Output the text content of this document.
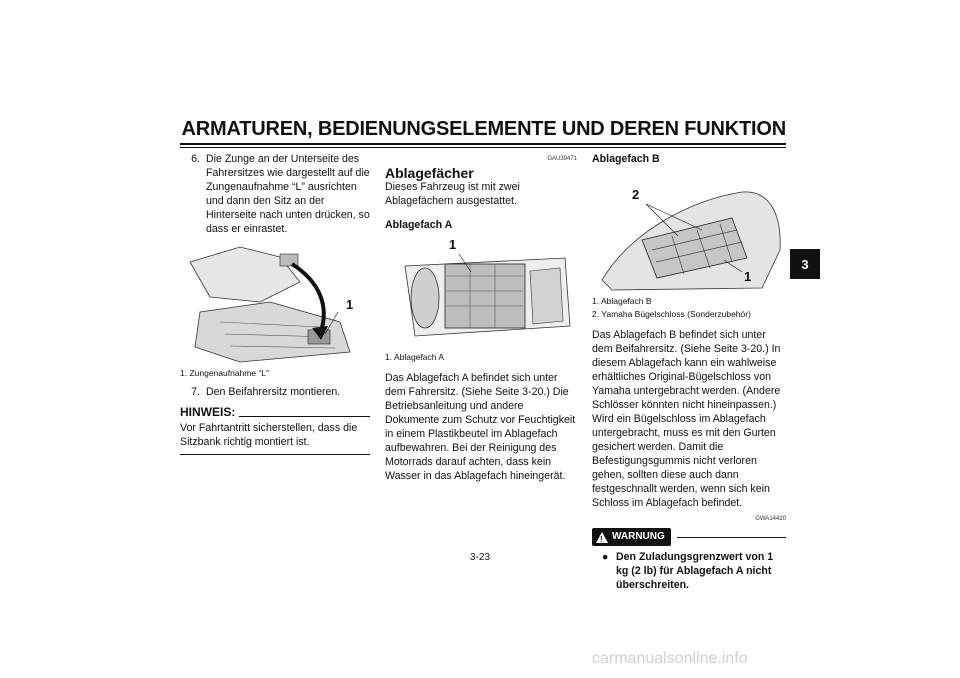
ARMATUREN, BEDIENUNGSELEMENTE UND DEREN FUNKTION
3
6. Die Zunge an der Unterseite des Fahrersitzes wie dargestellt auf die Zungenaufnahme “L” ausrichten und dann den Sitz an der Hinterseite nach unten drücken, so dass er einrastet.
1
1. Zungenaufnahme “L”
7. Den Beifahrersitz montieren.
HINWEIS:

Vor Fahrtantritt sicherstellen, dass die Sitzbank richtig montiert ist.

GAU39471
Ablagefächer

Dieses Fahrzeug ist mit zwei Ablagefächern ausgestattet.

Ablagefach A
1
1. Ablagefach A

Das Ablagefach A befindet sich unter dem Fahrersitz. (Siehe Seite 3-20.) Die Betriebsanleitung und andere Dokumente zum Schutz vor Feuchtigkeit in einem Plastikbeutel im Ablagefach aufbewahren. Bei der Reinigung des Motorrads darauf achten, dass kein Wasser in das Ablagefach hineingerät.

Ablagefach B
2
1
1. Ablagefach B
2. Yamaha Bügelschloss (Sonderzubehör)

Das Ablagefach B befindet sich unter dem Beifahrersitz. (Siehe Seite 3-20.) In diesem Ablagefach kann ein wahlweise erhältliches Original-Bügelschloss von Yamaha untergebracht werden. (Andere Schlösser könnten nicht hineinpassen.) Wird ein Bügelschloss im Ablagefach untergebracht, muss es mit den Gurten gesichert werden. Damit die Befestigungsgummis nicht verloren gehen, sollten diese auch dann festgeschnallt werden, wenn sich kein Schloss im Ablagefach befindet.

GWA14420
! WARNUNG
● Den Zuladungsgrenzwert von 1 kg (2 lb) für Ablagefach A nicht überschreiten.
3-23
carmanualsonline.info
